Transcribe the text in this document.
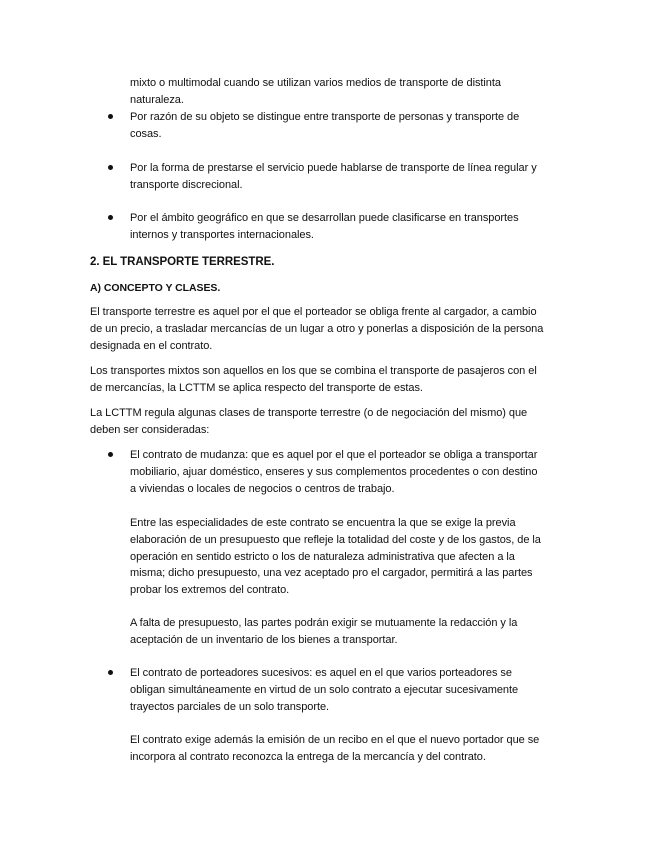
mixto o multimodal cuando se utilizan varios medios de transporte de distinta
naturaleza.
Por razón de su objeto se distingue entre transporte de personas y transporte de
cosas.
Por la forma de prestarse el servicio puede hablarse de transporte de línea regular y
transporte discrecional.
Por el ámbito geográfico en que se desarrollan puede clasificarse en transportes
internos y transportes internacionales.
2. EL TRANSPORTE TERRESTRE.
A) CONCEPTO Y CLASES.
El transporte terrestre es aquel por el que el porteador se obliga frente al cargador, a cambio
de un precio, a trasladar mercancías de un lugar a otro y ponerlas a disposición de la persona
designada en el contrato.
Los transportes mixtos son aquellos en los que se combina el transporte de pasajeros con el
de mercancías, la LCTTM se aplica respecto del transporte de estas.
La LCTTM regula algunas clases de transporte terrestre (o de negociación del mismo) que
deben ser consideradas:
El contrato de mudanza: que es aquel por el que el porteador se obliga a transportar
mobiliario, ajuar doméstico, enseres y sus complementos procedentes o con destino
a viviendas o locales de negocios o centros de trabajo.
Entre las especialidades de este contrato se encuentra la que se exige la previa
elaboración de un presupuesto que refleje la totalidad del coste y de los gastos, de la
operación en sentido estricto o los de naturaleza administrativa que afecten a la
misma; dicho presupuesto, una vez aceptado pro el cargador, permitirá a las partes
probar los extremos del contrato.
A falta de presupuesto, las partes podrán exigir se mutuamente la redacción y la
aceptación de un inventario de los bienes a transportar.
El contrato de porteadores sucesivos: es aquel en el que varios porteadores se
obligan simultáneamente en virtud de un solo contrato a ejecutar sucesivamente
trayectos parciales de un solo transporte.
El contrato exige además la emisión de un recibo en el que el nuevo portador que se
incorpora al contrato reconozca la entrega de la mercancía y del contrato.
